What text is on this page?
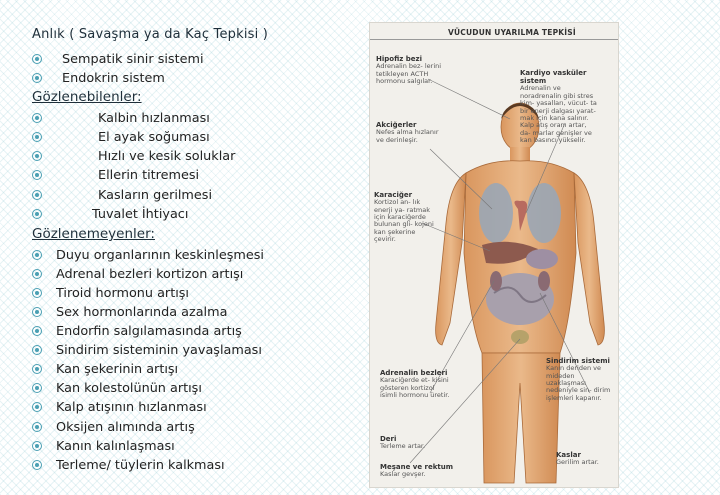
Anlık ( Savaşma ya da Kaç Tepkisi )
Sempatik sinir sistemi
Endokrin sistem
Gözlenebilenler:
Kalbin hızlanması
El ayak soğuması
Hızlı ve kesik soluklar
Ellerin titremesi
Kasların gerilmesi
Tuvalet İhtiyacı
Gözlenemeyenler:
Duyu organlarının keskinleşmesi
Adrenal bezleri kortizon artışı
Tiroid hormonu artışı
Sex hormonlarında azalma
Endorfin salgılamasında artış
Sindirim sisteminin yavaşlaması
Kan şekerinin artışı
Kan kolestolünün artışı
Kalp atışının hızlanması
Oksijen alımında artış
Kanın kalınlaşması
Terleme/ tüylerin kalkması
VÜCUDUN UYARILMA TEPKİSİ
Hipofiz bezi
Adrenalin bez- lerini tetikleyen ACTH hormonu salgılar.
Kardiyo vasküler sistem
Adrenalin ve noradrenalin gibi stres kim- yasalları, vücut- ta bir enerji dalgası yarat- mak için kana salınır. Kalp atış oranı artar, da- marlar genişler ve kan basıncı yükselir.
Akciğerler
Nefes alma hızlanır ve derinleşir.
Karaciğer
Kortizol an- lık enerji ya- ratmak için karaciğerde bulunan gli- kojeni kan şekerine çevirir.
Adrenalin bezleri
Karaciğerde et- kisini gösteren kortizol isimli hormonu üretir.
Sindirim sistemi
Kanın deriden ve mideden uzaklaşması nedeniyle sin- dirim işlemleri kapanır.
Deri
Terleme artar.
Kaslar
Gerilim artar.
Meşane ve rektum
Kaslar gevşer.
